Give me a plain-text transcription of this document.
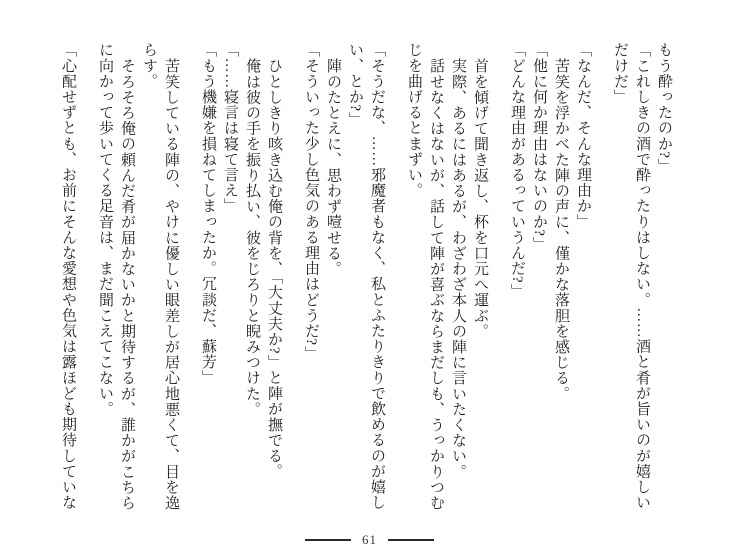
もう酔ったのか?」

「これしきの酒で酔ったりはしない。……酒と肴が旨いのが嬉しい

だけだ」

「なんだ、そんな理由か」

苦笑を浮かべた陣の声に、僅かな落胆を感じる。

「他に何か理由はないのか?」

「どんな理由があるっていうんだ?」

首を傾げて聞き返し、杯を口元へ運ぶ。

実際、あるにはあるが、わざわざ本人の陣に言いたくない。

話せなくはないが、話して陣が喜ぶならまだしも、うっかりつむ

じを曲げるとまずい。

「そうだな、……邪魔者もなく、私とふたりきりで飲めるのが嬉し

い、とか?」

陣のたとえに、思わず噎せる。

「そういった少し色気のある理由はどうだ?」

ひとしきり咳き込む俺の背を、「大丈夫か?」と陣が撫でる。

俺は彼の手を振り払い、彼をじろりと睨みつけた。

「……寝言は寝て言え」

「もう機嫌を損ねてしまったか。冗談だ、蘇芳」

苦笑している陣の、やけに優しい眼差しが居心地悪くて、目を逸

らす。

そろそろ俺の頼んだ肴が届かないかと期待するが、誰かがこちら

に向かって歩いてくる足音は、まだ聞こえてこない。

「心配せずとも、お前にそんな愛想や色気は露ほども期待していな

61
